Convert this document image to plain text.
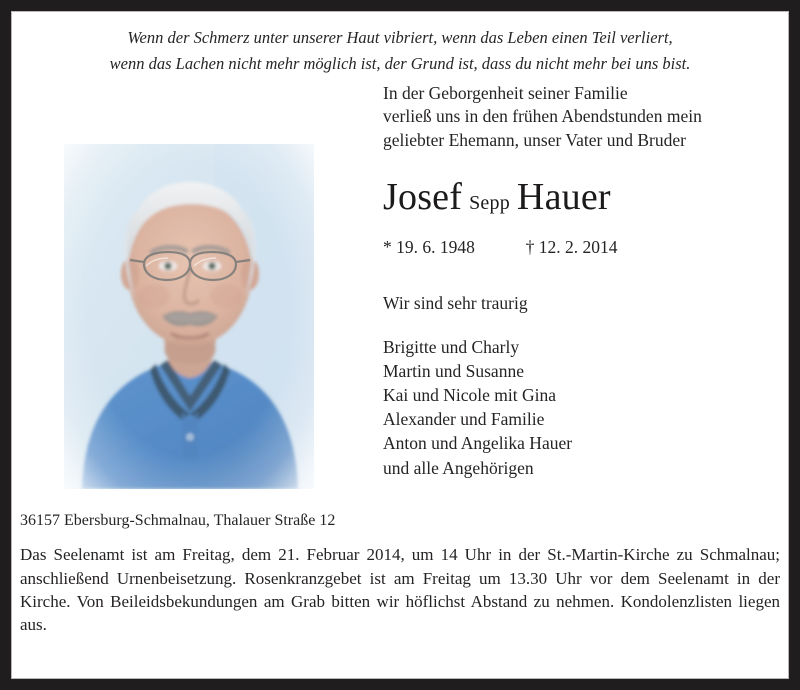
Wenn der Schmerz unter unserer Haut vibriert, wenn das Leben einen Teil verliert,
wenn das Lachen nicht mehr möglich ist, der Grund ist, dass du nicht mehr bei uns bist.
In der Geborgenheit seiner Familie
verließ uns in den frühen Abendstunden mein
geliebter Ehemann, unser Vater und Bruder
Josef Sepp Hauer
* 19. 6. 1948	† 12. 2. 2014
Wir sind sehr traurig
Brigitte und Charly
Martin und Susanne
Kai und Nicole mit Gina
Alexander und Familie
Anton und Angelika Hauer
und alle Angehörigen
36157 Ebersburg-Schmalnau, Thalauer Straße 12
Das Seelenamt ist am Freitag, dem 21. Februar 2014, um 14 Uhr in der St.-Martin-Kirche zu Schmalnau; anschließend Urnenbeisetzung. Rosenkranzgebet ist am Freitag um 13.30 Uhr vor dem Seelenamt in der Kirche. Von Beileidsbekundungen am Grab bitten wir höflichst Abstand zu nehmen. Kondolenzlisten liegen aus.
